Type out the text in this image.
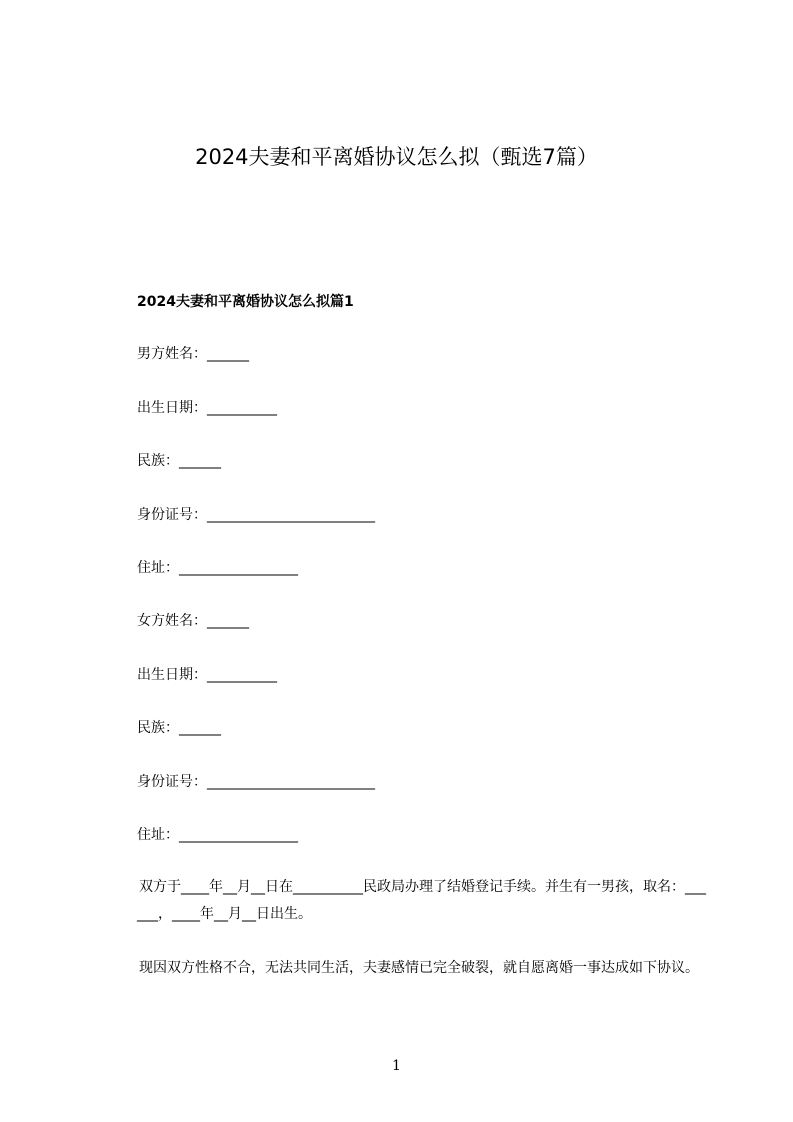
2024夫妻和平离婚协议怎么拟（甄选7篇）
2024夫妻和平离婚协议怎么拟篇1
男方姓名：______
出生日期：__________
民族：______
身份证号：________________________
住址：_________________
女方姓名：______
出生日期：__________
民族：______
身份证号：________________________
住址：_________________
双方于____年__月__日在__________民政局办理了结婚登记手续。并生有一男孩，取名：______，____年__月__日出生。
现因双方性格不合，无法共同生活，夫妻感情已完全破裂，就自愿离婚一事达成如下协议。
1
